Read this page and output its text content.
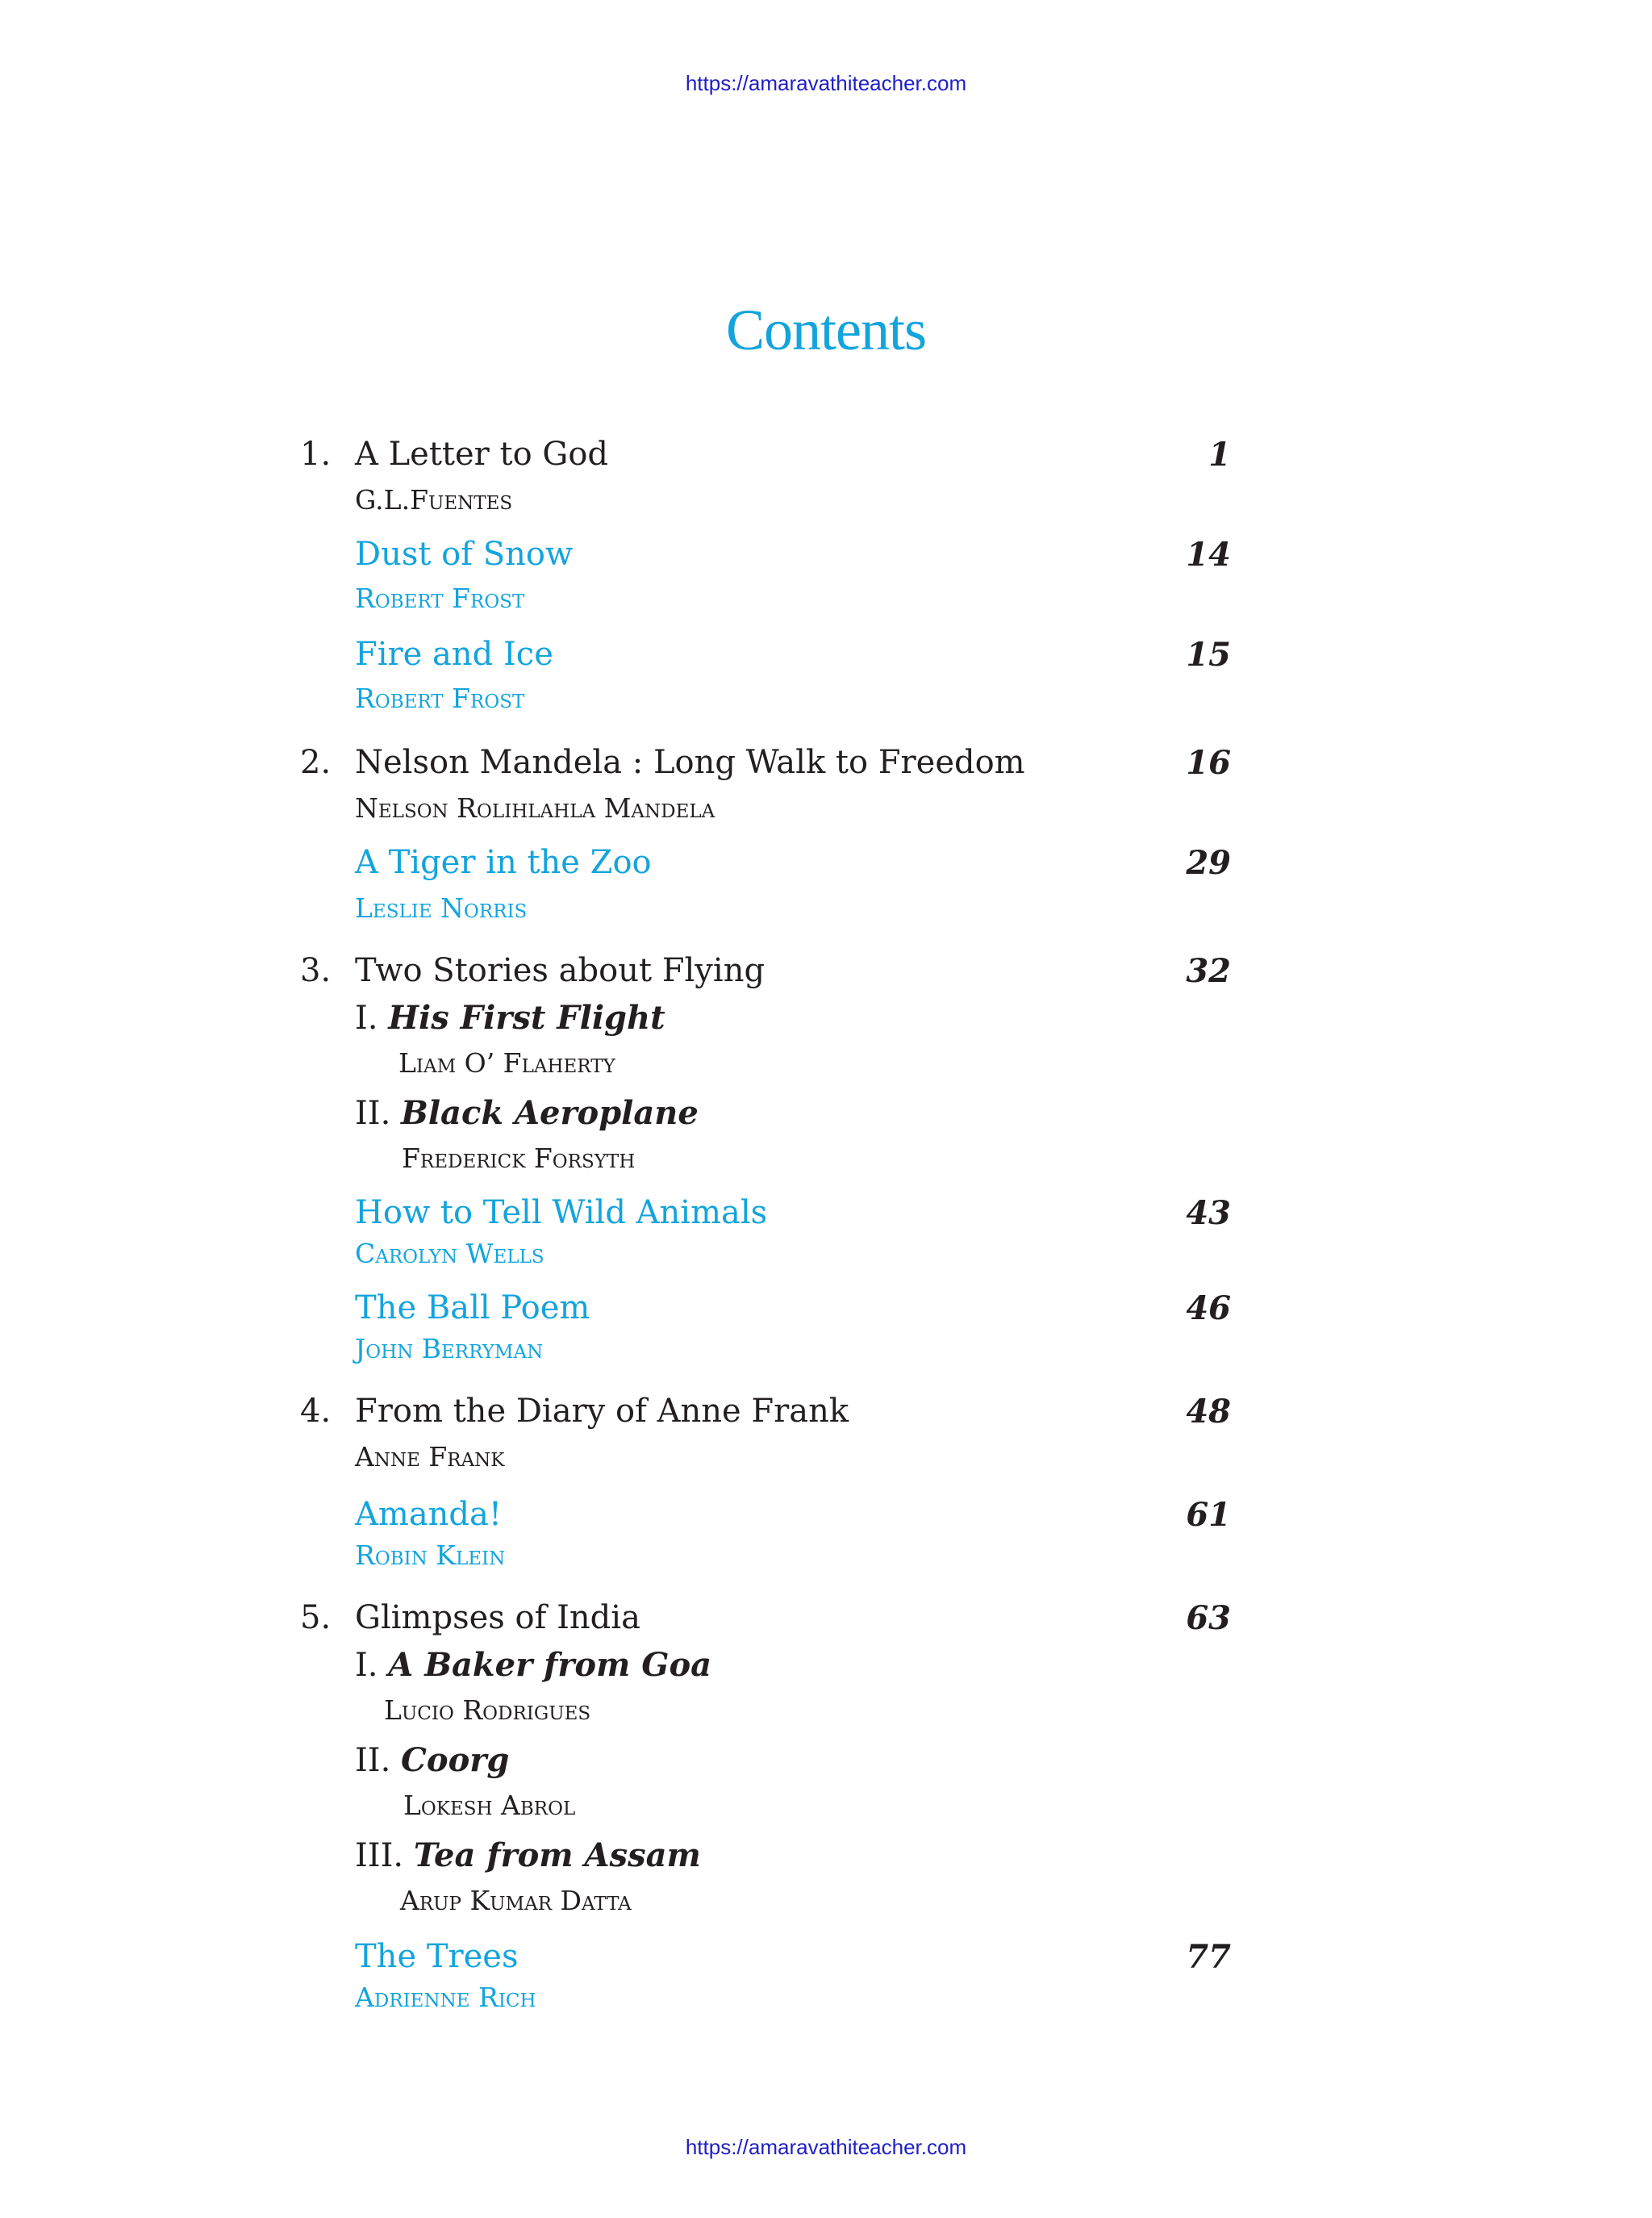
https://amaravathiteacher.com
Contents
1. A Letter to God	1
G.L.Fuentes
Dust of Snow	14
Robert Frost
Fire and Ice	15
Robert Frost
2. Nelson Mandela : Long Walk to Freedom	16
Nelson Rolihlahla Mandela
A Tiger in the Zoo	29
Leslie Norris
3. Two Stories about Flying	32
I. His First Flight
Liam O’ Flaherty
II. Black Aeroplane
Frederick Forsyth
How to Tell Wild Animals	43
Carolyn Wells
The Ball Poem	46
John Berryman
4. From the Diary of Anne Frank	48
Anne Frank
Amanda!	61
Robin Klein
5. Glimpses of India	63
I. A Baker from Goa
Lucio Rodrigues
II. Coorg
Lokesh Abrol
III. Tea from Assam
Arup Kumar Datta
The Trees	77
Adrienne Rich
https://amaravathiteacher.com
